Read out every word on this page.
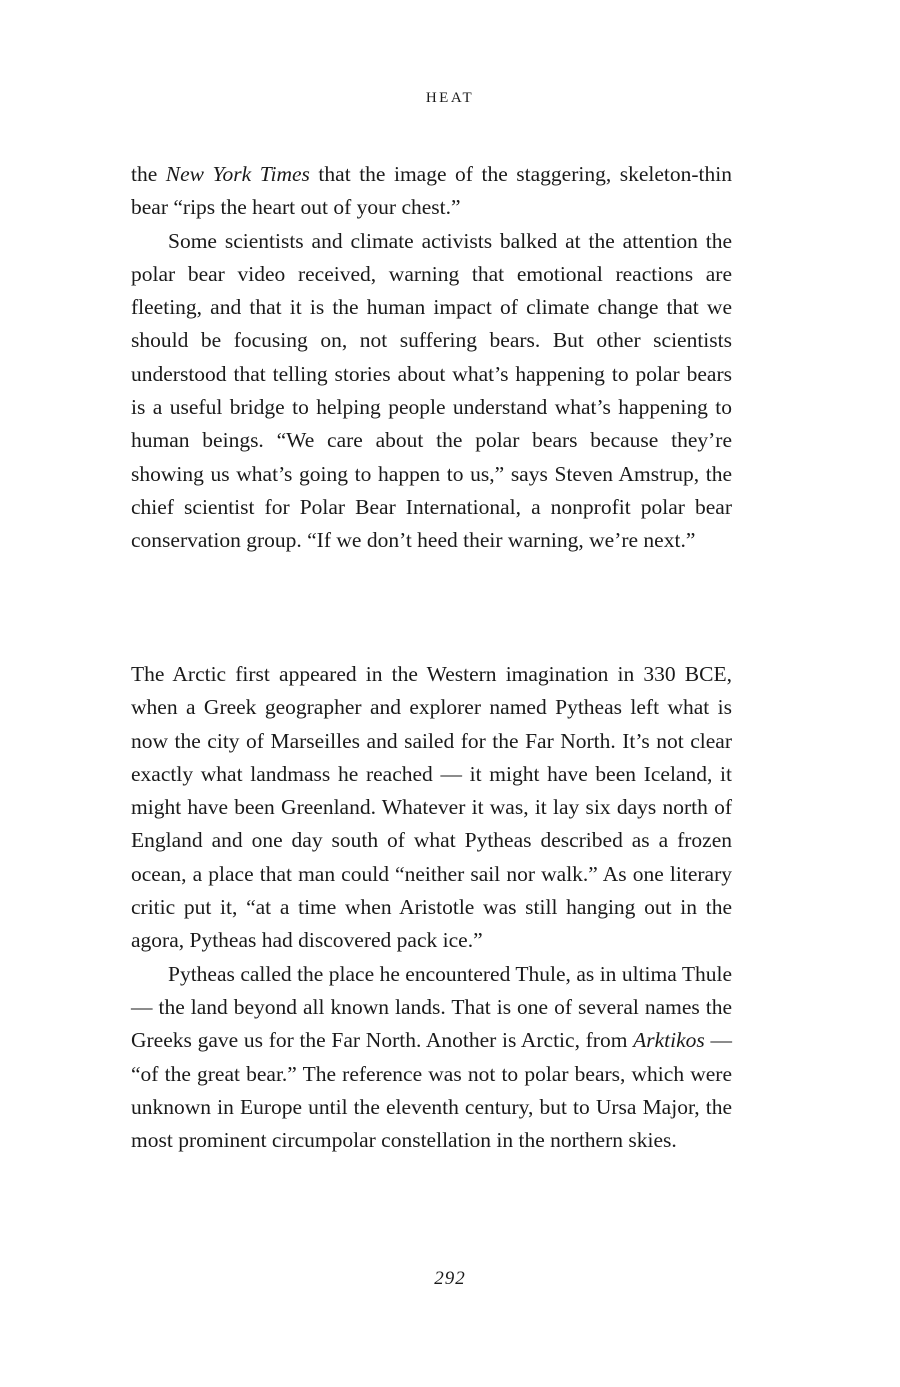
HEAT

the New York Times that the image of the staggering, skeleton-thin bear “rips the heart out of your chest.”

Some scientists and climate activists balked at the attention the polar bear video received, warning that emotional reactions are fleeting, and that it is the human impact of climate change that we should be focusing on, not suffering bears. But other scientists understood that telling stories about what’s happening to polar bears is a useful bridge to helping people understand what’s happening to human beings. “We care about the polar bears because they’re showing us what’s going to happen to us,” says Steven Amstrup, the chief scientist for Polar Bear International, a nonprofit polar bear conservation group. “If we don’t heed their warning, we’re next.”

The Arctic first appeared in the Western imagination in 330 BCE, when a Greek geographer and explorer named Pytheas left what is now the city of Marseilles and sailed for the Far North. It’s not clear exactly what landmass he reached — it might have been Iceland, it might have been Greenland. Whatever it was, it lay six days north of England and one day south of what Pytheas described as a frozen ocean, a place that man could “neither sail nor walk.” As one literary critic put it, “at a time when Aristotle was still hanging out in the agora, Pytheas had discovered pack ice.”

Pytheas called the place he encountered Thule, as in ultima Thule — the land beyond all known lands. That is one of several names the Greeks gave us for the Far North. Another is Arctic, from Arktikos — “of the great bear.” The reference was not to polar bears, which were unknown in Europe until the eleventh century, but to Ursa Major, the most prominent circumpolar constellation in the northern skies.

292
